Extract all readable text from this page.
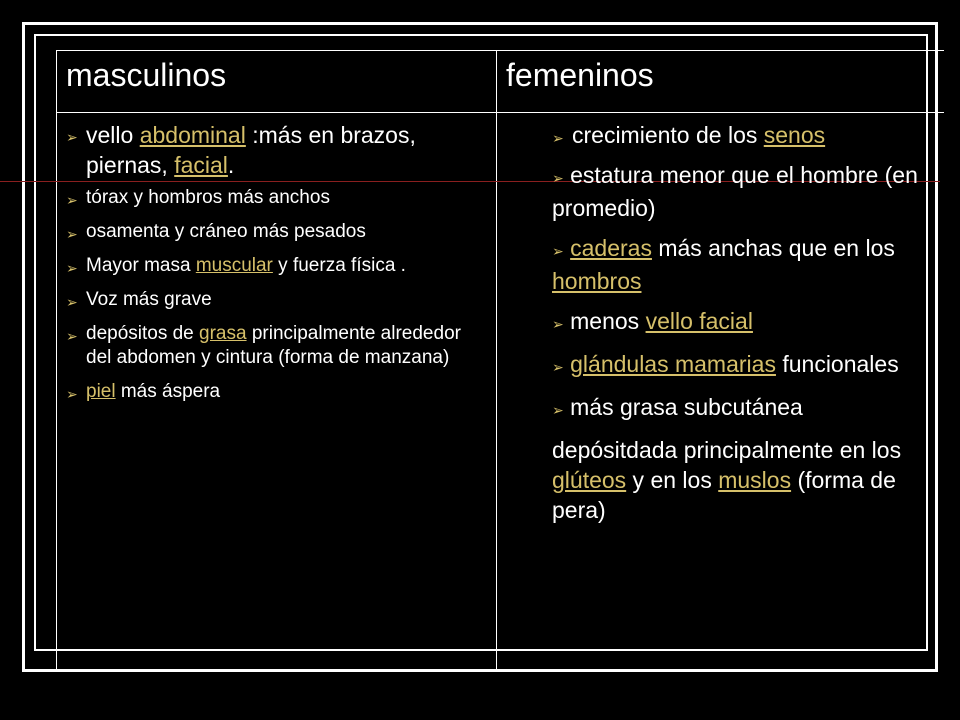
masculinos	femeninos
➢ vello abdominal :más en brazos, piernas, facial.
➢ tórax y hombros más anchos
➢ osamenta y cráneo más pesados
➢ Mayor masa muscular y fuerza física .
➢ Voz más grave
➢ depósitos de grasa principalmente alrededor del abdomen y cintura (forma de manzana)
➢ piel más áspera
➢ crecimiento de los senos
➢ estatura menor que el hombre (en promedio)
➢ caderas más anchas que en los hombros
➢ menos vello facial
➢ glándulas mamarias funcionales
➢ más grasa subcutánea
depósitdada principalmente en los glúteos y en los muslos (forma de pera)
